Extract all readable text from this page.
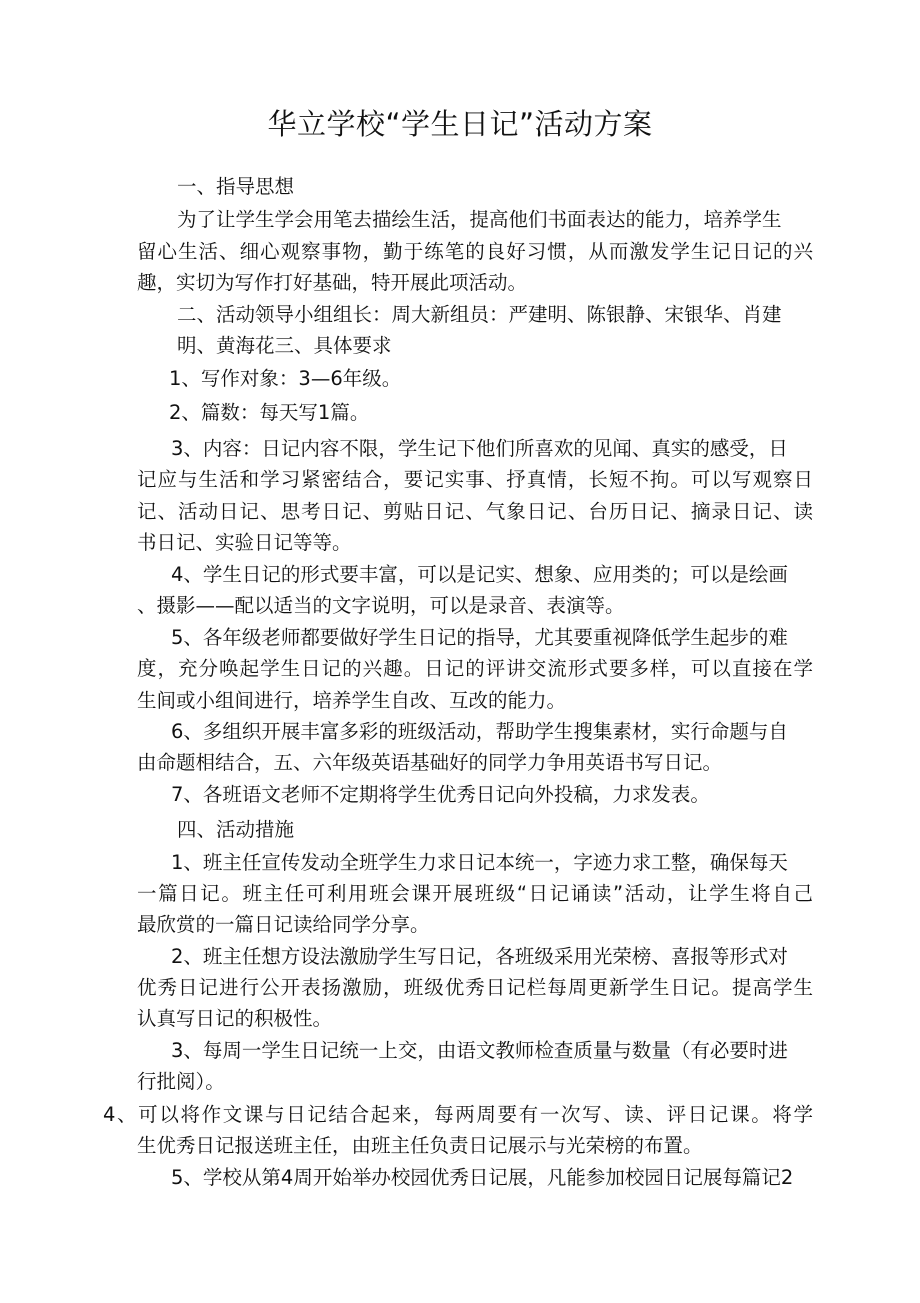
华立学校“学生日记”活动方案
一、指导思想
为了让学生学会用笔去描绘生活，提高他们书面表达的能力，培养学生
留心生活、细心观察事物，勤于练笔的良好习惯，从而激发学生记日记的兴
趣，实切为写作打好基础，特开展此项活动。
二、活动领导小组组长：周大新组员：严建明、陈银静、宋银华、肖建
明、黄海花三、具体要求
1、写作对象：3—6年级。
2、篇数：每天写1篇。
3、内容：日记内容不限，学生记下他们所喜欢的见闻、真实的感受，日
记应与生活和学习紧密结合，要记实事、抒真情，长短不拘。可以写观察日
记、活动日记、思考日记、剪贴日记、气象日记、台历日记、摘录日记、读
书日记、实验日记等等。
4、学生日记的形式要丰富，可以是记实、想象、应用类的；可以是绘画
、摄影——配以适当的文字说明，可以是录音、表演等。
5、各年级老师都要做好学生日记的指导，尤其要重视降低学生起步的难
度，充分唤起学生日记的兴趣。日记的评讲交流形式要多样，可以直接在学
生间或小组间进行，培养学生自改、互改的能力。
6、多组织开展丰富多彩的班级活动，帮助学生搜集素材，实行命题与自
由命题相结合，五、六年级英语基础好的同学力争用英语书写日记。
7、各班语文老师不定期将学生优秀日记向外投稿，力求发表。
四、活动措施
1、班主任宣传发动全班学生力求日记本统一，字迹力求工整，确保每天
一篇日记。班主任可利用班会课开展班级“日记诵读”活动，让学生将自己
最欣赏的一篇日记读给同学分享。
2、班主任想方设法激励学生写日记，各班级采用光荣榜、喜报等形式对
优秀日记进行公开表扬激励，班级优秀日记栏每周更新学生日记。提高学生
认真写日记的积极性。
3、每周一学生日记统一上交，由语文教师检查质量与数量（有必要时进
行批阅）。
4、可以将作文课与日记结合起来，每两周要有一次写、读、评日记课。将学
生优秀日记报送班主任，由班主任负责日记展示与光荣榜的布置。
5、学校从第4周开始举办校园优秀日记展，凡能参加校园日记展每篇记2
